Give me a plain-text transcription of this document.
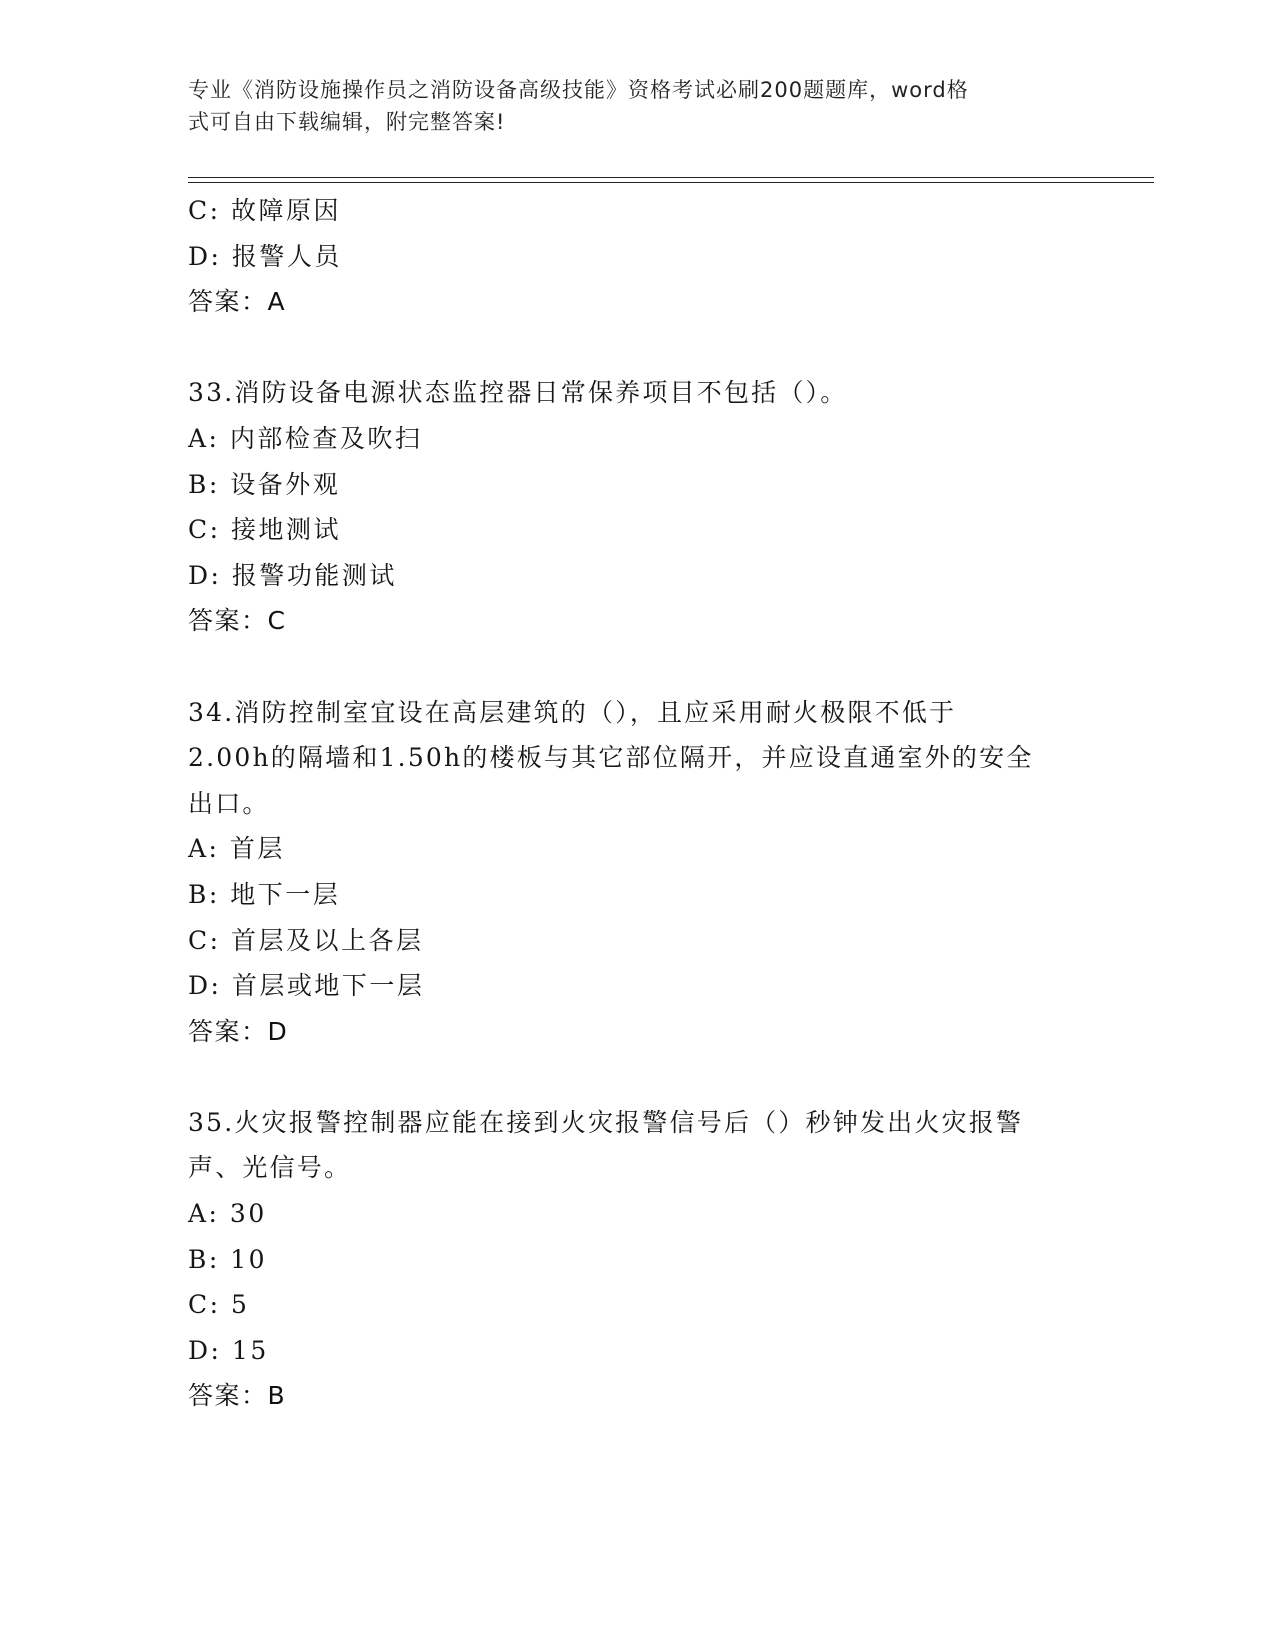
专业《消防设施操作员之消防设备高级技能》资格考试必刷200题题库，word格
式可自由下载编辑，附完整答案!
C: 故障原因
D: 报警人员
答案：A
33.消防设备电源状态监控器日常保养项目不包括（）。
A: 内部检查及吹扫
B: 设备外观
C: 接地测试
D: 报警功能测试
答案：C
34.消防控制室宜设在高层建筑的（），且应采用耐火极限不低于
2.00h的隔墙和1.50h的楼板与其它部位隔开，并应设直通室外的安全
出口。
A: 首层
B: 地下一层
C: 首层及以上各层
D: 首层或地下一层
答案：D
35.火灾报警控制器应能在接到火灾报警信号后（）秒钟发出火灾报警
声、光信号。
A: 30
B: 10
C: 5
D: 15
答案：B
